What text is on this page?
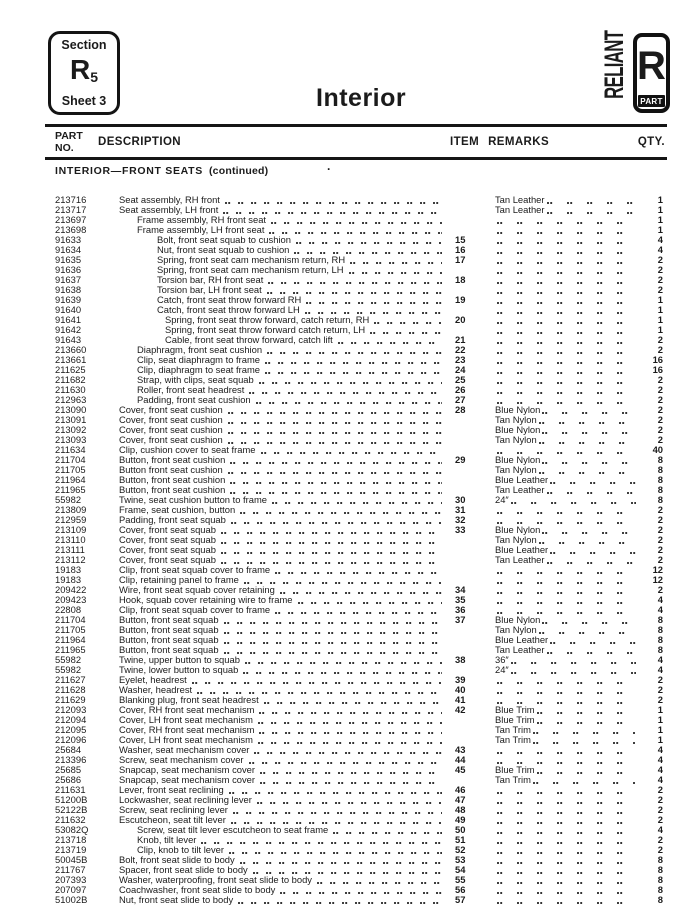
Section
R5
Sheet 3	Interior	RELIANT R
PART
PART
NO.	DESCRIPTION	ITEM REMARKS	QTY.
INTERIOR—FRONT SEATS (continued)	·
213716	Seat assembly, RH front	Tan Leather	1
213717	Seat assembly, LH front	Tan Leather	1
213697	Frame assembly, RH front seat	1
213698	Frame assembly, LH front seat	1
91633	Bolt, front seat squab to cushion	15	4
91634	Nut, front seat squab to cushion	16	4
91635	Spring, front seat cam mechanism return, RH	17	2
91636	Spring, front seat cam mechanism return, LH	2
91637	Torsion bar, RH front seat	18	2
91638	Torsion bar, LH front seat	2
91639	Catch, front seat throw forward RH	19	1
91640	Catch, front seat throw forward LH	1
91641	Spring, front seat throw forward, catch return, RH	20	1
91642	Spring, front seat throw forward catch return, LH	1
91643	Cable, front seat throw forward, catch lift	21	2
213660	Diaphragm, front seat cushion	22	2
213661	Clip, seat diaphragm to frame	23	16
211625	Clip, diaphragm to seat frame	24	16
211682	Strap, with clips, seat squab	25	2
211630	Roller, front seat headrest	26	2
212963	Padding, front seat cushion	27	2
213090	Cover, front seat cushion	28	Blue Nylon	2
213091	Cover, front seat cushion	Tan Nylon	2
213092	Cover, front seat cushion	Blue Nylon	2
213093	Cover, front seat cushion	Tan Nylon	2
211634	Clip, cushion cover to seat frame	40
211704	Button, front seat cushion	29	Blue Nylon	8
211705	Button front seat cushion	Tan Nylon	8
211964	Button, front seat cushion	Blue Leather	8
211965	Button, front seat cushion	Tan Leather	8
55982	Twine, seat cushion button to frame	30	24″	8
213809	Frame, seat cushion, button	31	2
212959	Padding, front seat squab	32	2
213109	Cover, front seat squab	33	Blue Nylon	2
213110	Cover, front seat squab	Tan Nylon	2
213111	Cover, front seat squab	Blue Leather	2
213112	Cover, front seat squab	Tan Leather	2
19183	Clip, front seat squab cover to frame	12
19183	Clip, retaining panel to frame	12
209422	Wire, front seat squab cover retaining	34	2
209423	Hook, squab cover retaining wire to frame	35	4
22808	Clip, front seat squab cover to frame	36	4
211704	Button, front seat squab	37	Blue Nylon	8
211705	Button, front seat squab	Tan Nylon	8
211964	Button, front seat squab	Blue Leather	8
211965	Button, front seat squab	Tan Leather	8
55982	Twine, upper button to squab	38	36″	4
55982	Twine, lower button to squab	24″	4
211627	Eyelet, headrest	39	2
211628	Washer, headrest	40	2
211629	Blanking plug, front seat headrest	41	2
212093	Cover, RH front seat mechanism	42	Blue Trim	1
212094	Cover, LH front seat mechanism	Blue Trim	1
212095	Cover, RH front seat mechanism	Tan Trim	1
212096	Cover, LH front seat mechanism	Tan Trim	1
25684	Washer, seat mechanism cover	43	4
213396	Screw, seat mechanism cover	44	4
25685	Snapcap, seat mechanism cover	45	Blue Trim	4
25686	Snapcap, seat mechanism cover	Tan Trim	4
211631	Lever, front seat reclining	46	2
51200B	Lockwasher, seat reclining lever	47	2
52122B	Screw, seat reclining lever	48	2
211632	Escutcheon, seat tilt lever	49	2
53082Q	Screw, seat tilt lever escutcheon to seat frame	50	4
213718	Knob, tilt lever	51	2
213719	Clip, knob to tilt lever	52	2
50045B	Bolt, front seat slide to body	53	8
211767	Spacer, front seat slide to body	54	8
207393	Washer, waterproofing, front seat slide to body	55	8
207097	Coachwasher, front seat slide to body	56	8
51002B	Nut, front seat slide to body	57	8
